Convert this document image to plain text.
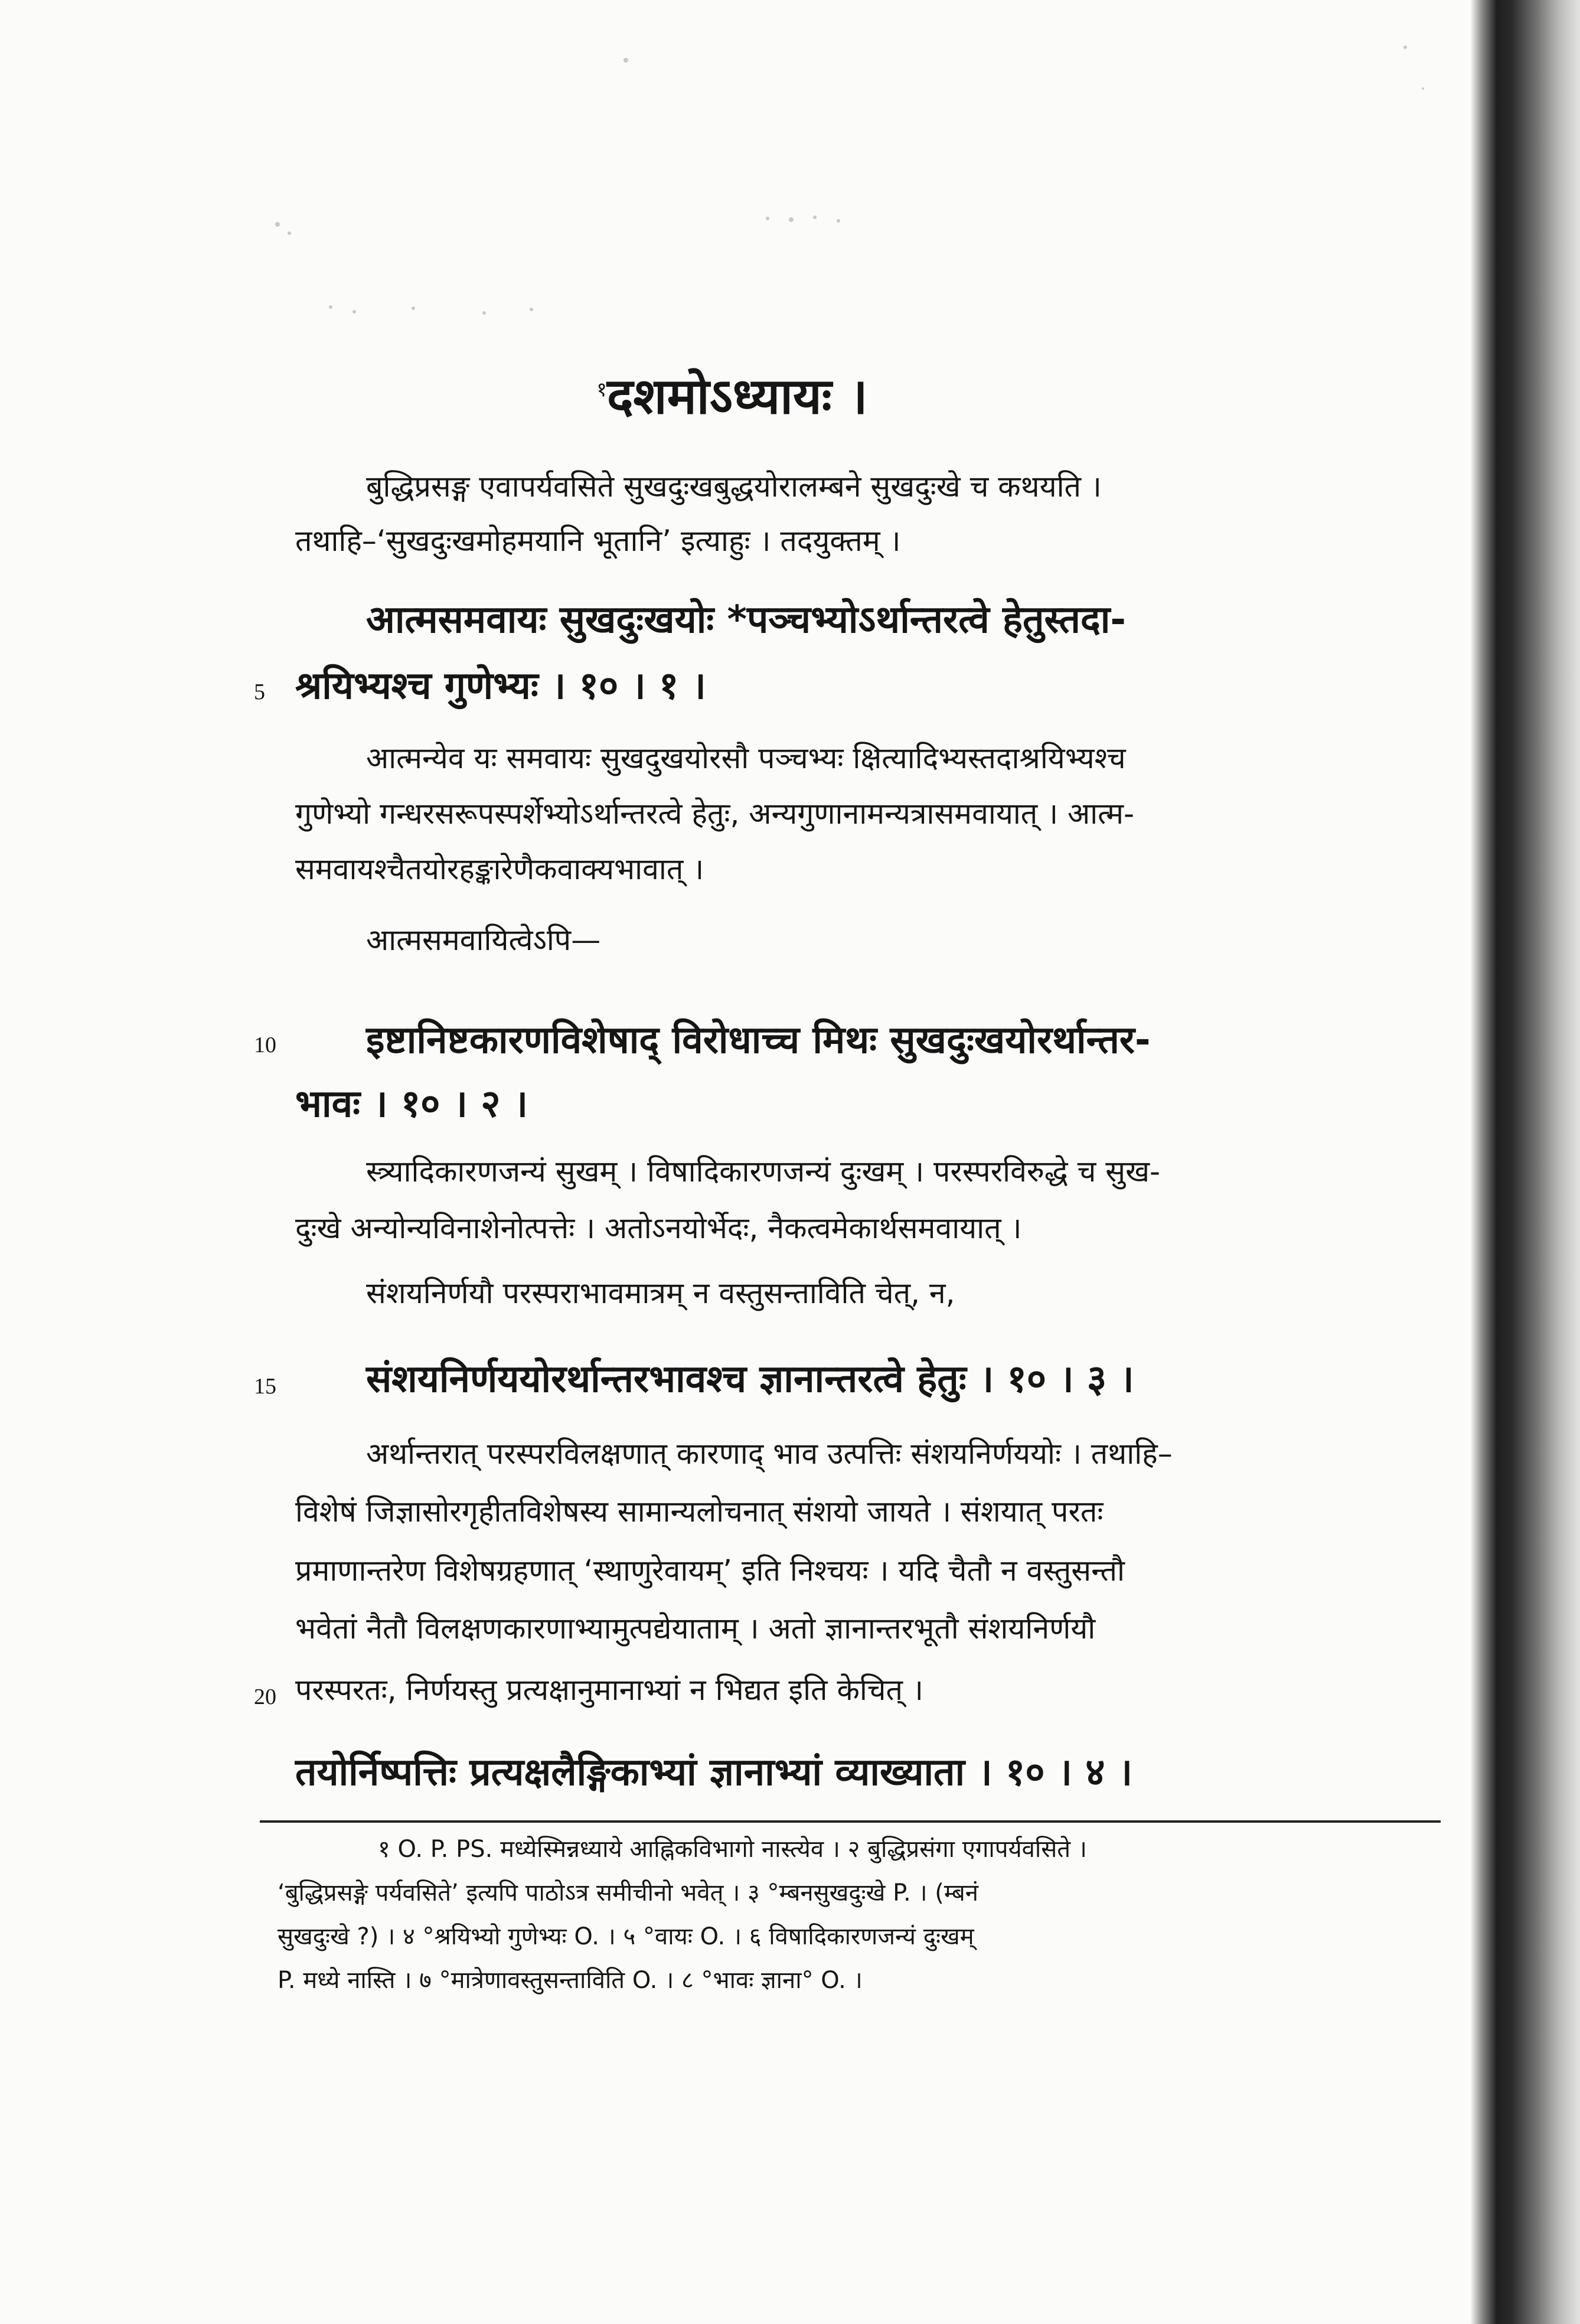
$^१$दशमोऽध्यायः ।
बुद्धिप्रसङ्ग एवापर्यवसिते सुखदुःखबुद्धयोरालम्बने सुखदुःखे च कथयति ।
तथाहि–‘सुखदुःखमोहमयानि भूतानि’ इत्याहुः । तदयुक्तम् ।
आत्मसमवायः सुखदुःखयोः *पञ्चभ्योऽर्थान्तरत्वे हेतुस्तदा-
श्रयिभ्यश्च गुणेभ्यः । १० । १ ।
आत्मन्येव यः समवायः सुखदुखयोरसौ पञ्चभ्यः क्षित्यादिभ्यस्तदाश्रयिभ्यश्च
गुणेभ्यो गन्धरसरूपस्पर्शेभ्योऽर्थान्तरत्वे हेतुः, अन्यगुणानामन्यत्रासमवायात् । आत्म-
समवायश्चैतयोरहङ्कारेणैकवाक्यभावात् ।
आत्मसमवायित्वेऽपि—
इष्टानिष्टकारणविशेषाद् विरोधाच्च मिथः सुखदुःखयोरर्थान्तर-
भावः । १० । २ ।
स्त्र्यादिकारणजन्यं सुखम् । विषादिकारणजन्यं दुःखम् । परस्परविरुद्धे च सुख-
दुःखे अन्योन्यविनाशेनोत्पत्तेः । अतोऽनयोर्भेदः, नैकत्वमेकार्थसमवायात् ।
संशयनिर्णयौ परस्पराभावमात्रम् न वस्तुसन्ताविति चेत्, न,
संशयनिर्णययोरर्थान्तरभावश्च ज्ञानान्तरत्वे हेतुः । १० । ३ ।
अर्थान्तरात् परस्परविलक्षणात् कारणाद् भाव उत्पत्तिः संशयनिर्णययोः । तथाहि–
विशेषं जिज्ञासोरगृहीतविशेषस्य सामान्यलोचनात् संशयो जायते । संशयात् परतः
प्रमाणान्तरेण विशेषग्रहणात् ‘स्थाणुरेवायम्’ इति निश्चयः । यदि चैतौ न वस्तुसन्तौ
भवेतां नैतौ विलक्षणकारणाभ्यामुत्पद्येयाताम् । अतो ज्ञानान्तरभूतौ संशयनिर्णयौ
परस्परतः, निर्णयस्तु प्रत्यक्षानुमानाभ्यां न भिद्यत इति केचित् ।
तयोर्निष्पत्तिः प्रत्यक्षलैङ्गिकाभ्यां ज्ञानाभ्यां व्याख्याता । १० । ४ ।
5
10
15
20
१ O. P. PS. मध्येस्मिन्नध्याये आह्निकविभागो नास्त्येव । २ बुद्धिप्रसंगा एगापर्यवसिते ।
‘बुद्धिप्रसङ्गे पर्यवसिते’ इत्यपि पाठोऽत्र समीचीनो भवेत् । ३ °म्बनसुखदुःखे P. । (म्बनं
सुखदुःखे ?) । ४ °श्रयिभ्यो गुणेभ्यः O. । ५ °वायः O. । ६ विषादिकारणजन्यं दुःखम्
P. मध्ये नास्ति । ७ °मात्रेणावस्तुसन्ताविति O. । ८ °भावः ज्ञाना° O. ।
